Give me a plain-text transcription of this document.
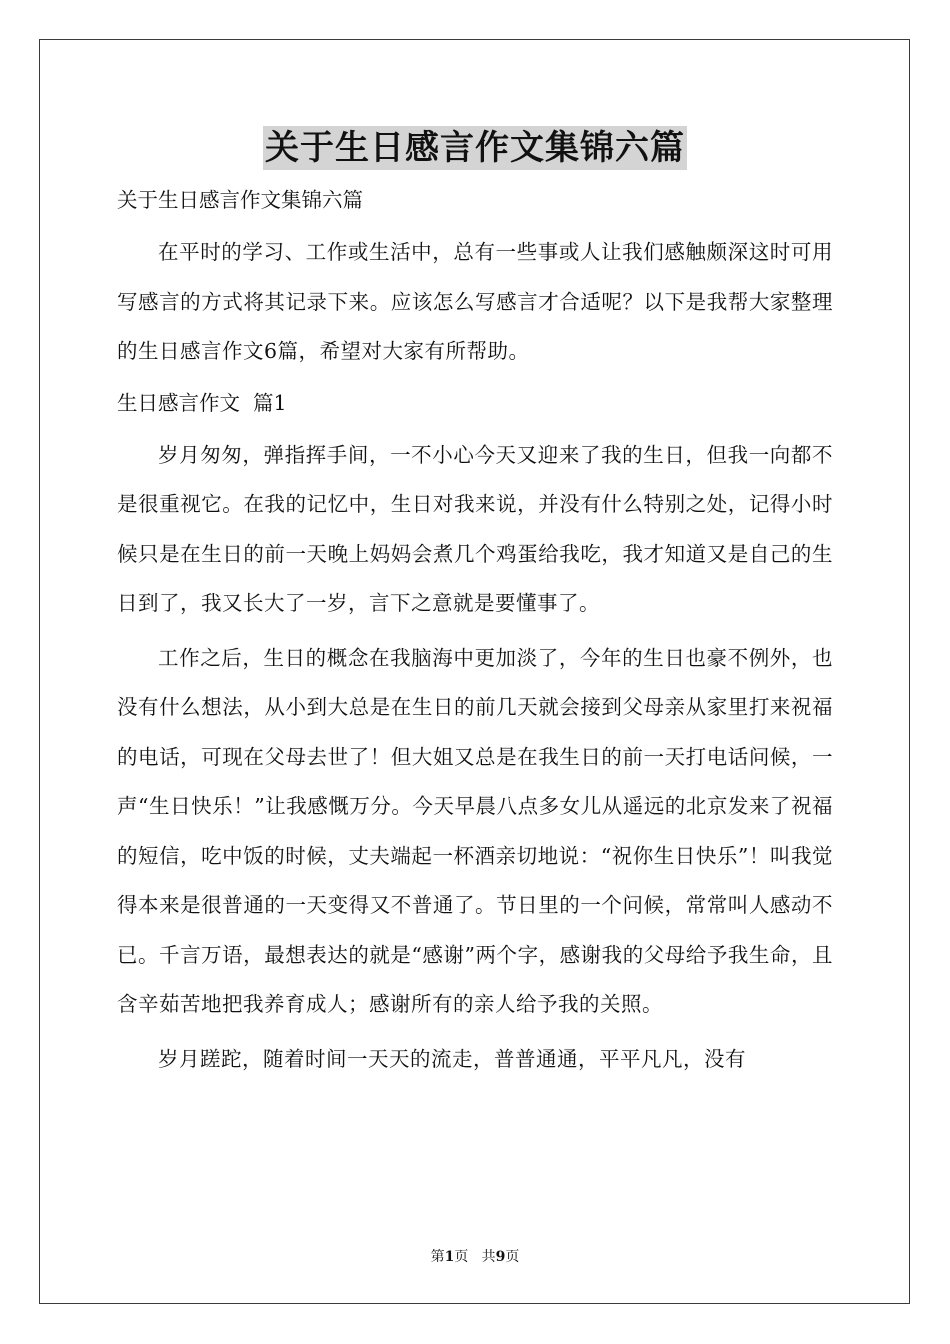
关于生日感言作文集锦六篇

关于生日感言作文集锦六篇

在平时的学习、工作或生活中，总有一些事或人让我们感触颇深这时可用写感言的方式将其记录下来。应该怎么写感言才合适呢？以下是我帮大家整理的生日感言作文6篇，希望对大家有所帮助。

生日感言作文  篇1

岁月匆匆，弹指挥手间，一不小心今天又迎来了我的生日，但我一向都不是很重视它。在我的记忆中，生日对我来说，并没有什么特别之处，记得小时候只是在生日的前一天晚上妈妈会煮几个鸡蛋给我吃，我才知道又是自己的生日到了，我又长大了一岁，言下之意就是要懂事了。

工作之后，生日的概念在我脑海中更加淡了，今年的生日也豪不例外，也没有什么想法，从小到大总是在生日的前几天就会接到父母亲从家里打来祝福的电话，可现在父母去世了！但大姐又总是在我生日的前一天打电话问候，一声“生日快乐！”让我感慨万分。今天早晨八点多女儿从遥远的北京发来了祝福的短信，吃中饭的时候，丈夫端起一杯酒亲切地说：“祝你生日快乐”！叫我觉得本来是很普通的一天变得又不普通了。节日里的一个问候，常常叫人感动不已。千言万语，最想表达的就是“感谢”两个字，感谢我的父母给予我生命，且含辛茹苦地把我养育成人；感谢所有的亲人给予我的关照。

岁月蹉跎，随着时间一天天的流走，普普通通，平平凡凡，没有

第1页 共9页
